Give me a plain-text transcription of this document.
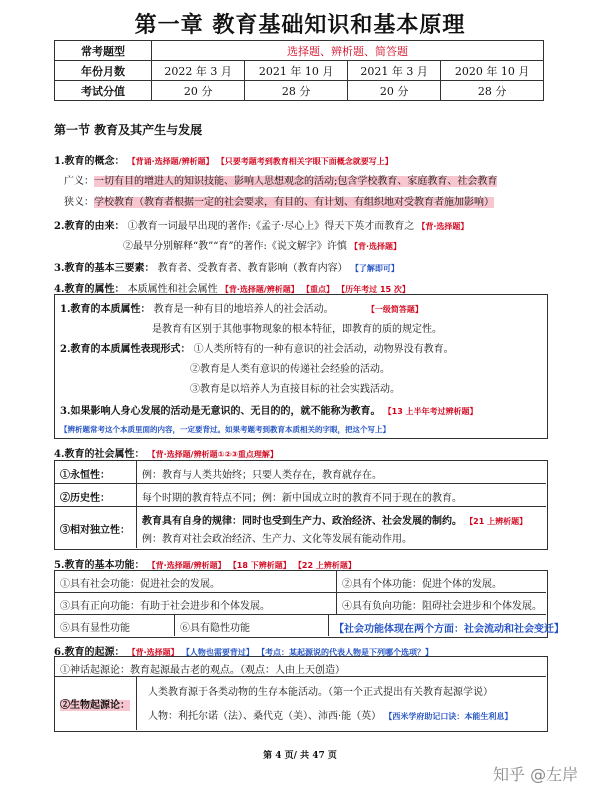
第一章 教育基础知识和基本原理
常考题型	选择题、辨析题、简答题			
年份月数	2022 年 3 月	2021 年 10 月	2021 年 3 月	2020 年 10 月
考试分值	20 分	28 分	20 分	28 分
第一节 教育及其产生与发展
1.教育的概念： 【背诵·选择题/辨析题】 【只要考题考到教育相关字眼下面概念就要写上】
广义：一切有目的增进人的知识技能、影响人思想观念的活动;包含学校教育、家庭教育、社会教育
狭义：学校教育（教育者根据一定的社会要求，有目的、有计划、有组织地对受教育者施加影响）
2.教育的由来： ①教育一词最早出现的著作:《孟子·尽心上》得天下英才而教育之 【背·选择题】
②最早分别解释“教”“育”的著作:《说文解字》许慎 【背·选择题】
3.教育的基本三要素： 教育者、受教育者、教育影响（教育内容） 【了解即可】
4.教育的属性： 本质属性和社会属性 【背·选择题/辨析题】 【重点】 【历年考过 15 次】
1.教育的本质属性： 教育是一种有目的地培养人的社会活动。	【一级简答题】
是教育有区别于其他事物现象的根本特征，即教育的质的规定性。
2.教育的本质属性表现形式： ①人类所特有的一种有意识的社会活动，动物界没有教育。
②教育是人类有意识的传递社会经验的活动。
③教育是以培养人为直接目标的社会实践活动。
3.如果影响人身心发展的活动是无意识的、无目的的，就不能称为教育。 【13 上半年考过辨析题】
【辨析题常考这个本质里面的内容，一定要背过。如果考题考到教育本质相关的字眼，把这个写上】
4.教育的社会属性： 【背·选择题/辨析题①②③重点理解】
①永恒性：	例：教育与人类共始终；只要人类存在，教育就存在。
②历史性：	每个时期的教育特点不同；例：新中国成立时的教育不同于现在的教育。
③相对独立性：
教育具有自身的规律：同时也受到生产力、政治经济、社会发展的制约。 【21 上辨析题】
例：教育对社会政治经济、生产力、文化等发展有能动作用。
5.教育的基本功能： 【背·选择题/辨析题】 【18 下辨析题】 【22 上辨析题】
①具有社会功能：促进社会的发展。	②具有个体功能：促进个体的发展。
③具有正向功能：有助于社会进步和个体发展。	④具有负向功能：阻碍社会进步和个体发展。
⑤具有显性功能	⑥具有隐性功能	【社会功能体现在两个方面：社会流动和社会变迁】
6.教育的起源： 【背·选择题】 【人物也需要背过】 【考点：某起源说的代表人物是下列哪个选项？】
①神话起源论：教育起源最古老的观点。（观点：人由上天创造）
②生物起源论：
人类教育源于各类动物的生存本能活动。（第一个正式提出有关教育起源学说）
人物：利托尔诺（法）、桑代克（美）、沛西·能（英） 【西米学府助记口诀：本能生利息】
第 4 页/ 共 47 页
知乎 @左岸
